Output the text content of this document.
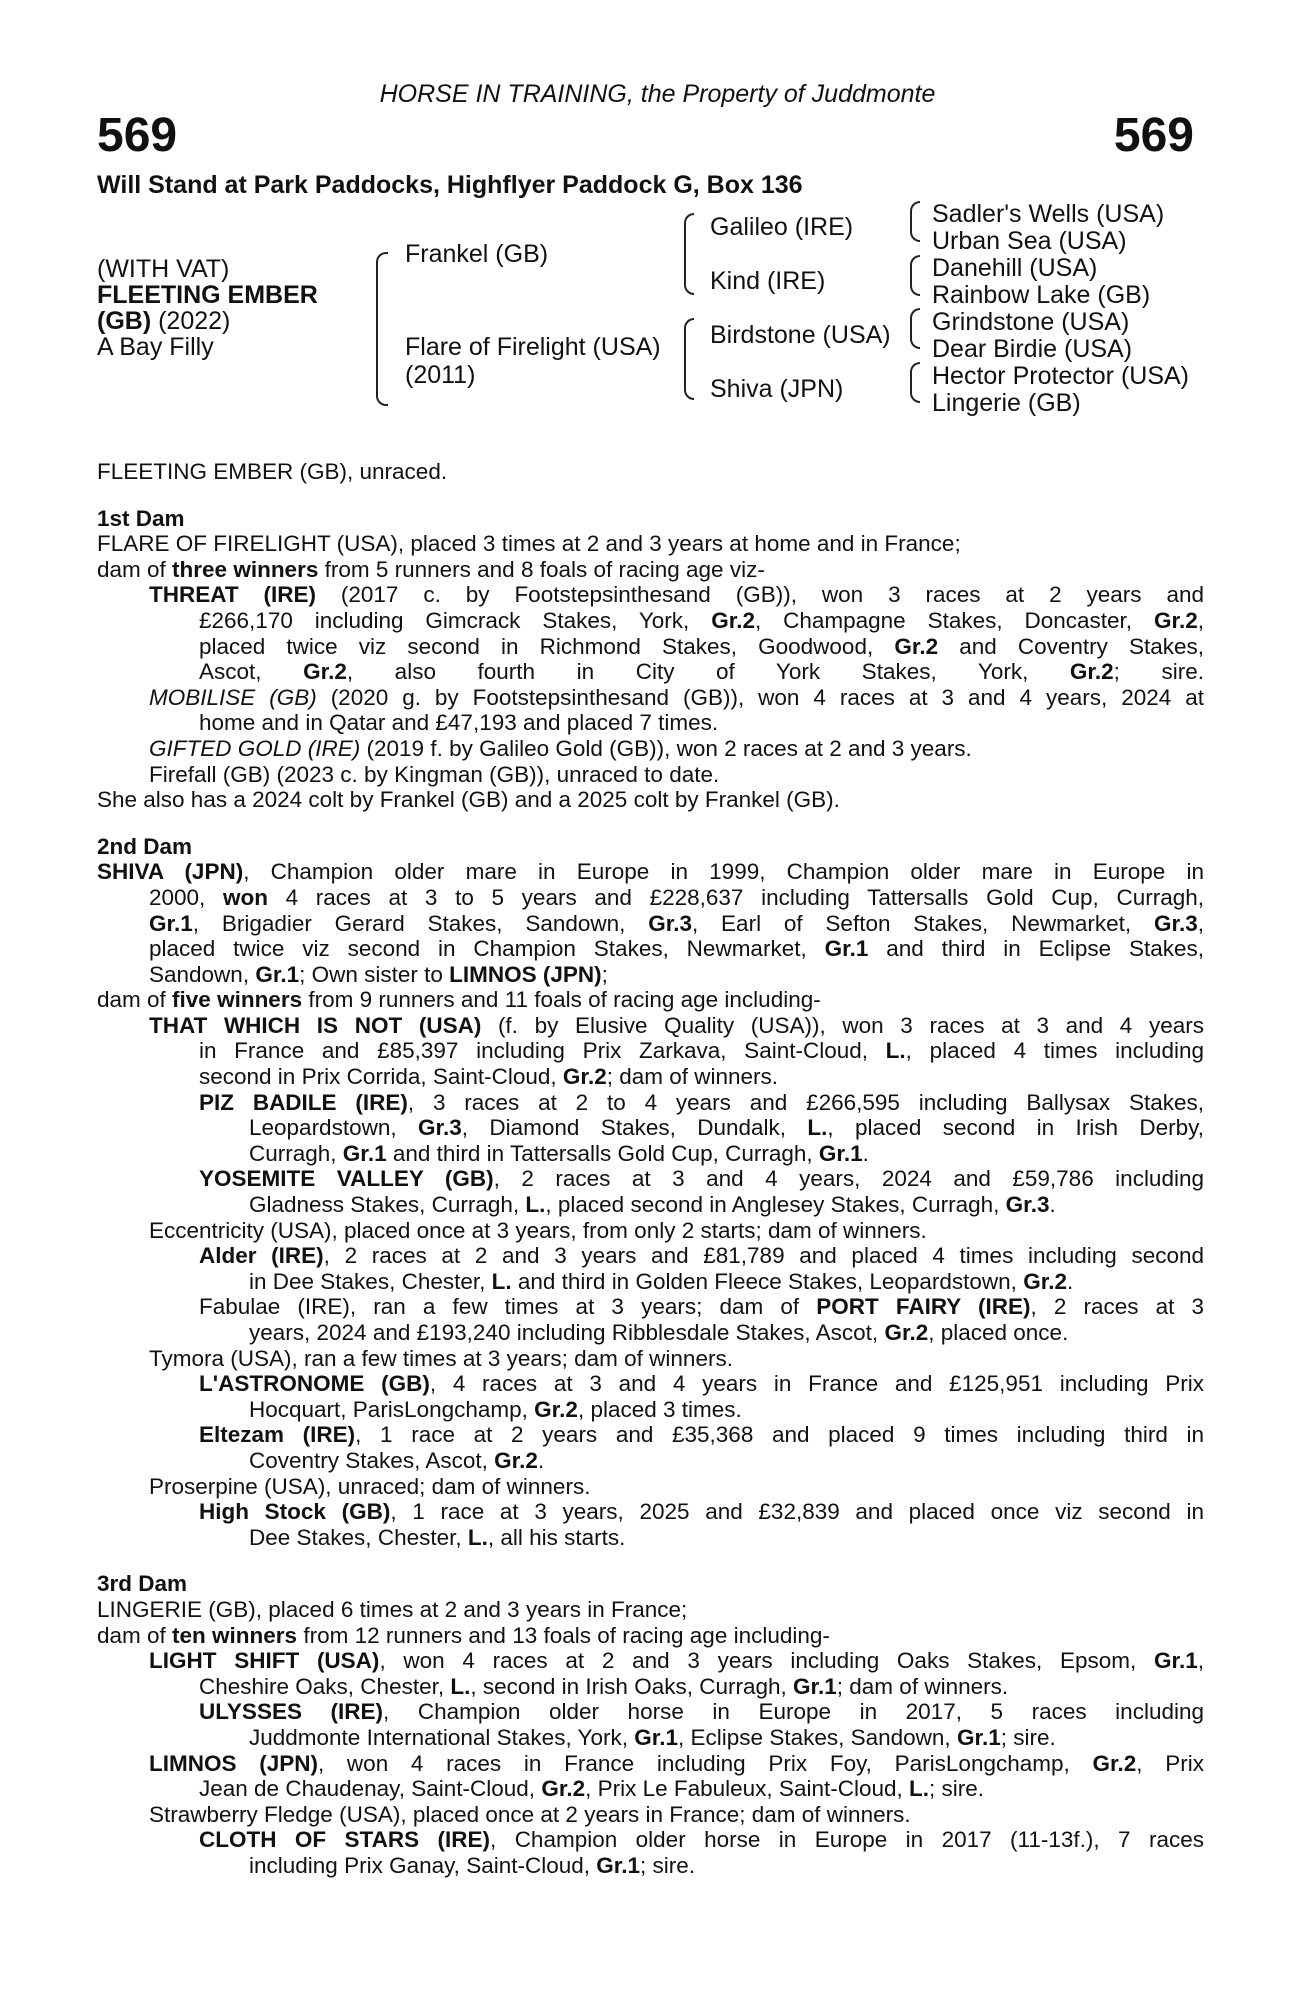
HORSE IN TRAINING, the Property of Juddmonte
569	569
Will Stand at Park Paddocks, Highflyer Paddock G, Box 136
(WITH VAT)
FLEETING EMBER
(GB) (2022)
A Bay Filly
Frankel (GB)
Flare of Firelight (USA)
(2011)
Galileo (IRE)
Kind (IRE)
Birdstone (USA)
Shiva (JPN)
Sadler's Wells (USA)
Urban Sea (USA)
Danehill (USA)
Rainbow Lake (GB)
Grindstone (USA)
Dear Birdie (USA)
Hector Protector (USA)
Lingerie (GB)

FLEETING EMBER (GB), unraced.

1st Dam

FLARE OF FIRELIGHT (USA), placed 3 times at 2 and 3 years at home and in France;

dam of three winners from 5 runners and 8 foals of racing age viz-

THREAT (IRE) (2017 c. by Footstepsinthesand (GB)), won 3 races at 2 years and

£266,170 including Gimcrack Stakes, York, Gr.2, Champagne Stakes, Doncaster, Gr.2,

placed twice viz second in Richmond Stakes, Goodwood, Gr.2 and Coventry Stakes,

Ascot, Gr.2, also fourth in City of York Stakes, York, Gr.2; sire.

MOBILISE (GB) (2020 g. by Footstepsinthesand (GB)), won 4 races at 3 and 4 years, 2024 at

home and in Qatar and £47,193 and placed 7 times.

GIFTED GOLD (IRE) (2019 f. by Galileo Gold (GB)), won 2 races at 2 and 3 years.

Firefall (GB) (2023 c. by Kingman (GB)), unraced to date.

She also has a 2024 colt by Frankel (GB) and a 2025 colt by Frankel (GB).

2nd Dam

SHIVA (JPN), Champion older mare in Europe in 1999, Champion older mare in Europe in

2000, won 4 races at 3 to 5 years and £228,637 including Tattersalls Gold Cup, Curragh,

Gr.1, Brigadier Gerard Stakes, Sandown, Gr.3, Earl of Sefton Stakes, Newmarket, Gr.3,

placed twice viz second in Champion Stakes, Newmarket, Gr.1 and third in Eclipse Stakes,

Sandown, Gr.1; Own sister to LIMNOS (JPN);

dam of five winners from 9 runners and 11 foals of racing age including-

THAT WHICH IS NOT (USA) (f. by Elusive Quality (USA)), won 3 races at 3 and 4 years

in France and £85,397 including Prix Zarkava, Saint-Cloud, L., placed 4 times including

second in Prix Corrida, Saint-Cloud, Gr.2; dam of winners.

PIZ BADILE (IRE), 3 races at 2 to 4 years and £266,595 including Ballysax Stakes,

Leopardstown, Gr.3, Diamond Stakes, Dundalk, L., placed second in Irish Derby,

Curragh, Gr.1 and third in Tattersalls Gold Cup, Curragh, Gr.1.

YOSEMITE VALLEY (GB), 2 races at 3 and 4 years, 2024 and £59,786 including

Gladness Stakes, Curragh, L., placed second in Anglesey Stakes, Curragh, Gr.3.

Eccentricity (USA), placed once at 3 years, from only 2 starts; dam of winners.

Alder (IRE), 2 races at 2 and 3 years and £81,789 and placed 4 times including second

in Dee Stakes, Chester, L. and third in Golden Fleece Stakes, Leopardstown, Gr.2.

Fabulae (IRE), ran a few times at 3 years; dam of PORT FAIRY (IRE), 2 races at 3

years, 2024 and £193,240 including Ribblesdale Stakes, Ascot, Gr.2, placed once.

Tymora (USA), ran a few times at 3 years; dam of winners.

L'ASTRONOME (GB), 4 races at 3 and 4 years in France and £125,951 including Prix

Hocquart, ParisLongchamp, Gr.2, placed 3 times.

Eltezam (IRE), 1 race at 2 years and £35,368 and placed 9 times including third in

Coventry Stakes, Ascot, Gr.2.

Proserpine (USA), unraced; dam of winners.

High Stock (GB), 1 race at 3 years, 2025 and £32,839 and placed once viz second in

Dee Stakes, Chester, L., all his starts.

3rd Dam

LINGERIE (GB), placed 6 times at 2 and 3 years in France;

dam of ten winners from 12 runners and 13 foals of racing age including-

LIGHT SHIFT (USA), won 4 races at 2 and 3 years including Oaks Stakes, Epsom, Gr.1,

Cheshire Oaks, Chester, L., second in Irish Oaks, Curragh, Gr.1; dam of winners.

ULYSSES (IRE), Champion older horse in Europe in 2017, 5 races including

Juddmonte International Stakes, York, Gr.1, Eclipse Stakes, Sandown, Gr.1; sire.

LIMNOS (JPN), won 4 races in France including Prix Foy, ParisLongchamp, Gr.2, Prix

Jean de Chaudenay, Saint-Cloud, Gr.2, Prix Le Fabuleux, Saint-Cloud, L.; sire.

Strawberry Fledge (USA), placed once at 2 years in France; dam of winners.

CLOTH OF STARS (IRE), Champion older horse in Europe in 2017 (11-13f.), 7 races

including Prix Ganay, Saint-Cloud, Gr.1; sire.
